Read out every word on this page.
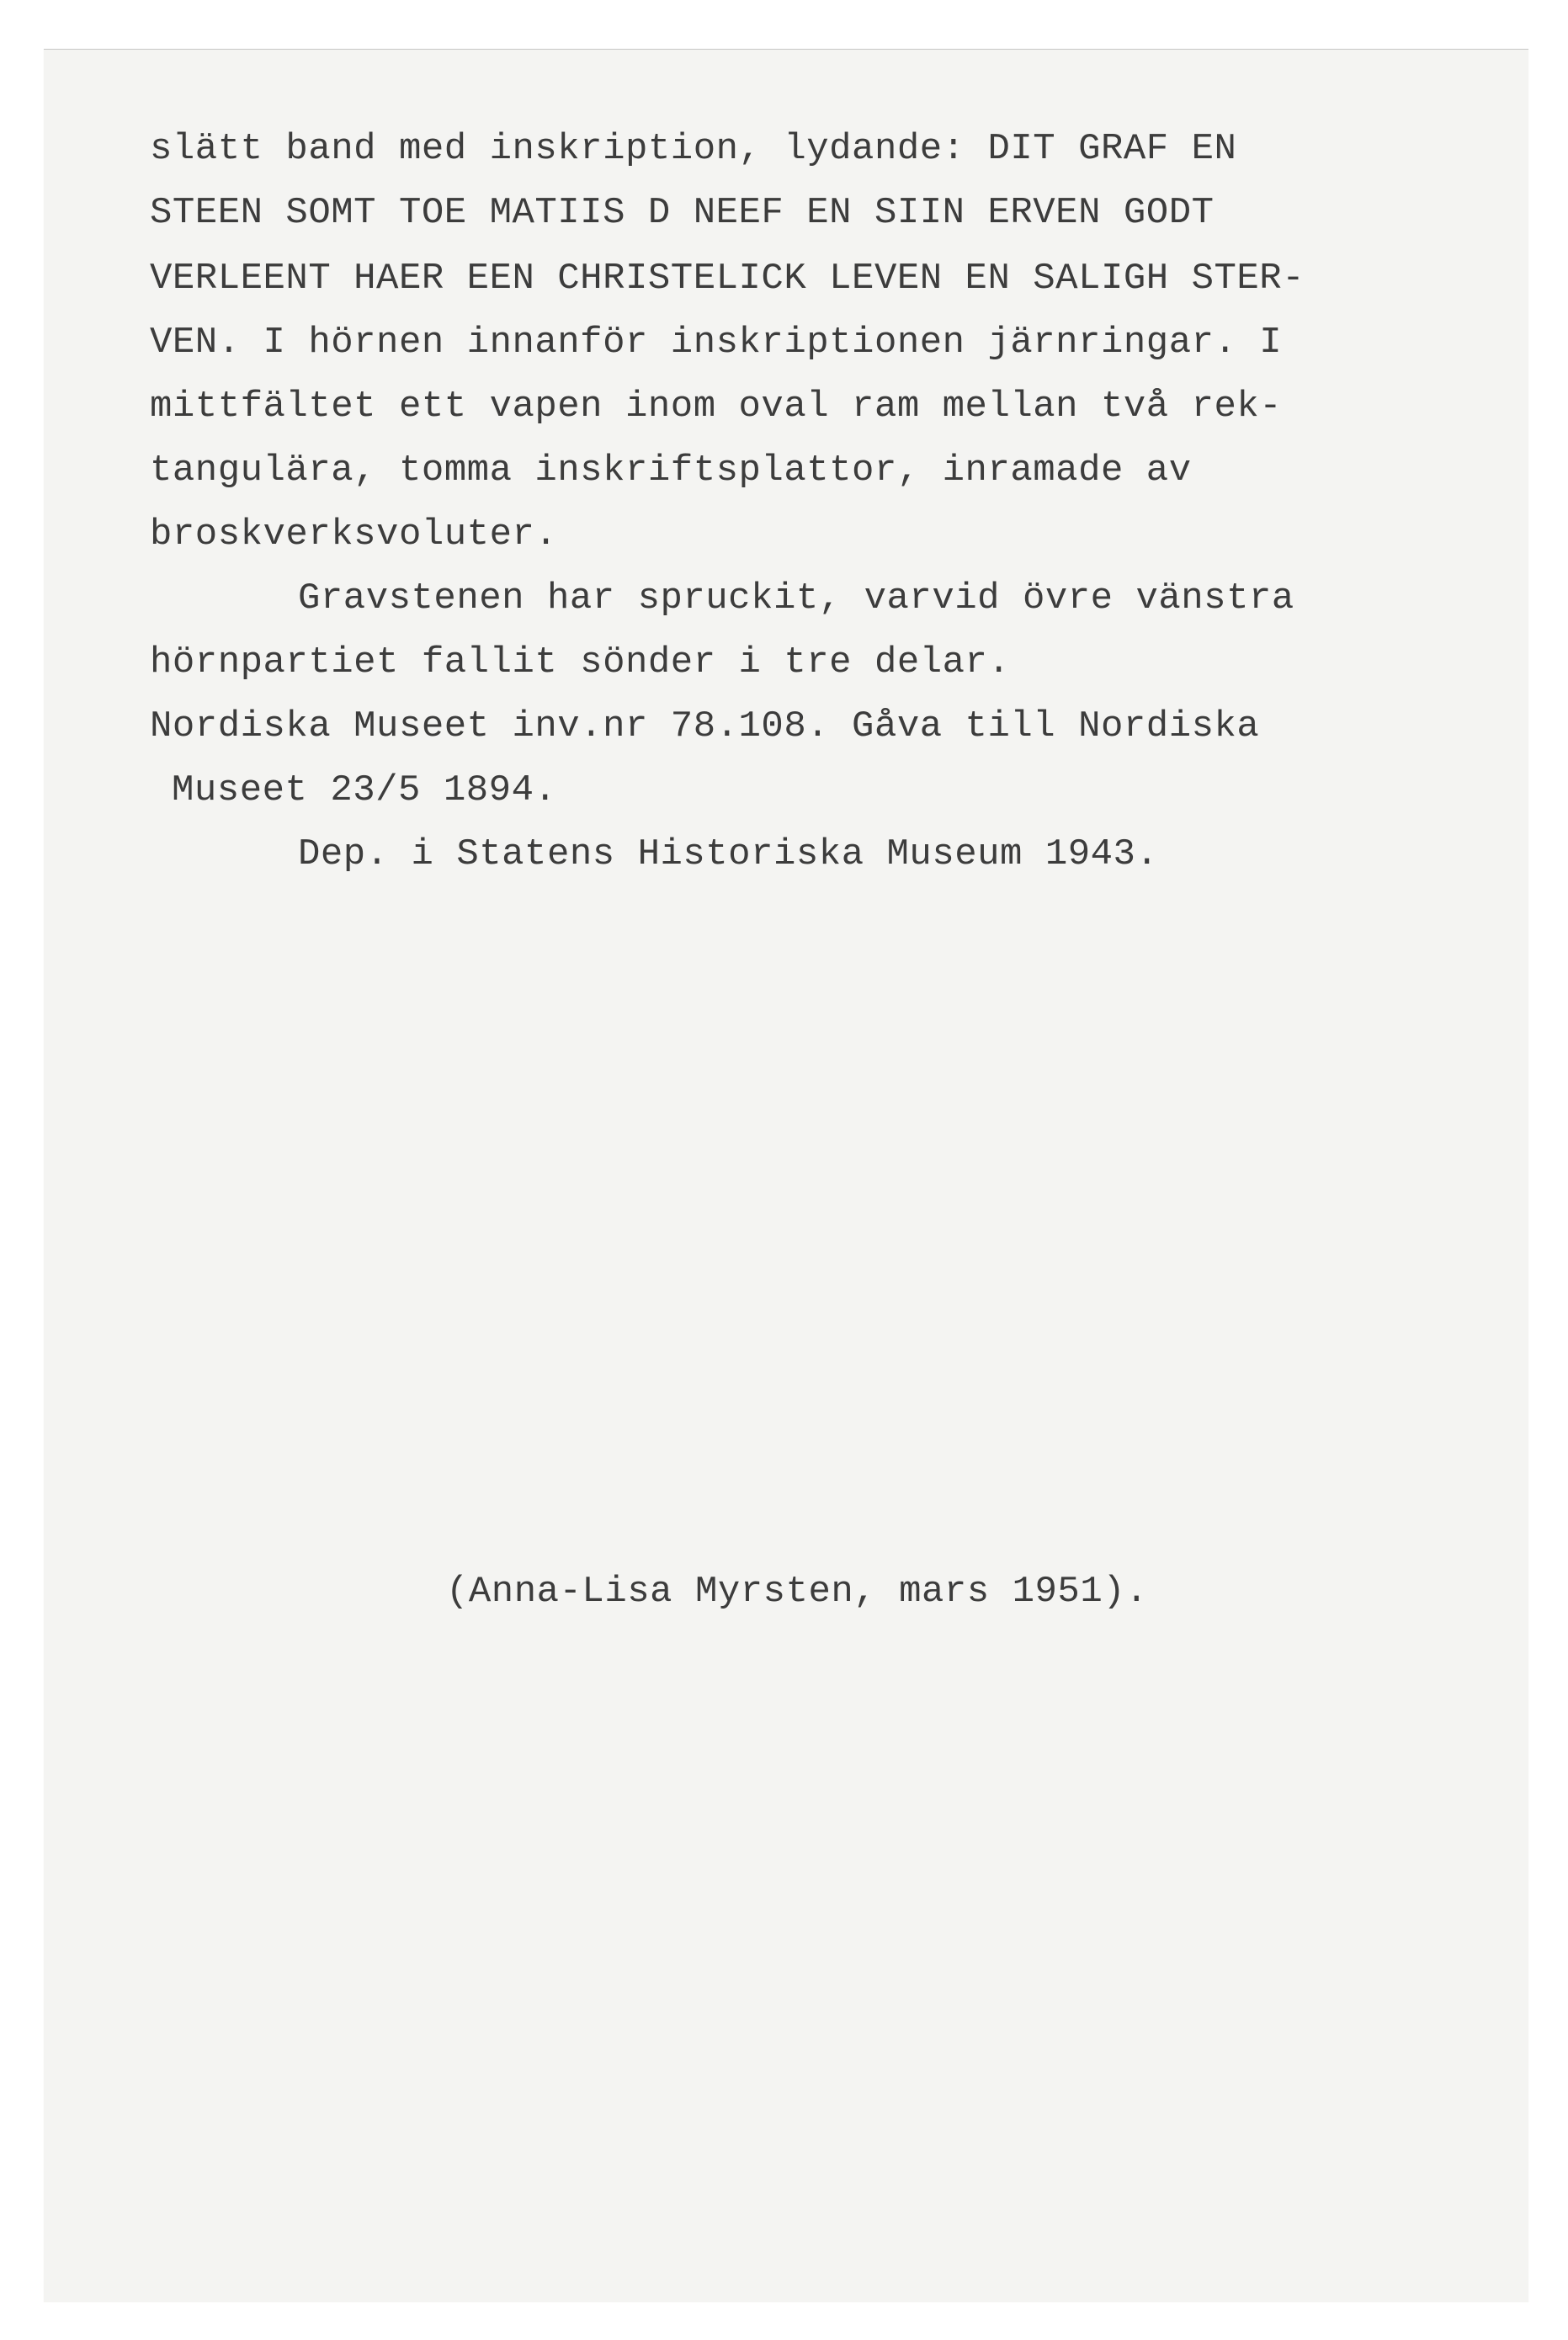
slätt band med inskription, lydande: DIT GRAF EN

STEEN SOMT TOE MATIIS D NEEF EN SIIN ERVEN GODT

VERLEENT HAER EEN CHRISTELICK LEVEN EN SALIGH STER-

VEN. I hörnen innanför inskriptionen järnringar. I

mittfältet ett vapen inom oval ram mellan två rek-

tangulära, tomma inskriftsplattor, inramade av

broskverksvoluter.

Gravstenen har spruckit, varvid övre vänstra

hörnpartiet fallit sönder i tre delar.

Nordiska Museet inv.nr 78.108. Gåva till Nordiska

Museet 23/5 1894.

Dep. i Statens Historiska Museum 1943.

(Anna-Lisa Myrsten, mars 1951).
